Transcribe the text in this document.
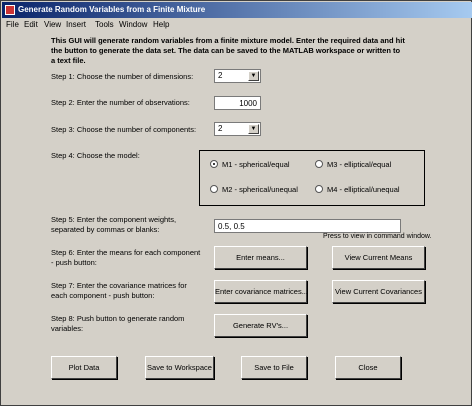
Generate Random Variables from a Finite Mixture
File Edit View Insert Tools Window Help
This GUI will generate random variables from a finite mixture model. Enter the required data and hit
the button to generate the data set. The data can be saved to the MATLAB workspace or written to
a text file.
Step 1: Choose the number of dimensions:	2	▼
Step 2: Enter the number of observations:	1000
Step 3: Choose the number of components:	2	▼
Step 4: Choose the model:
M1 - spherical/equal	M3 - elliptical/equal
M2 - spherical/unequal	M4 - elliptical/unequal
Step 5: Enter the component weights,
separated by commas or blanks:	0.5, 0.5
Press to view in command window.
Step 6: Enter the means for each component
- push button:
Enter means...	View Current Means
Step 7: Enter the covariance matrices for
each component - push button:	Enter covariance matrices...	View Current Covariances
Step 8: Push button to generate random
variables:	Generate RV's...
Plot Data	Save to Workspace	Save to File	Close
